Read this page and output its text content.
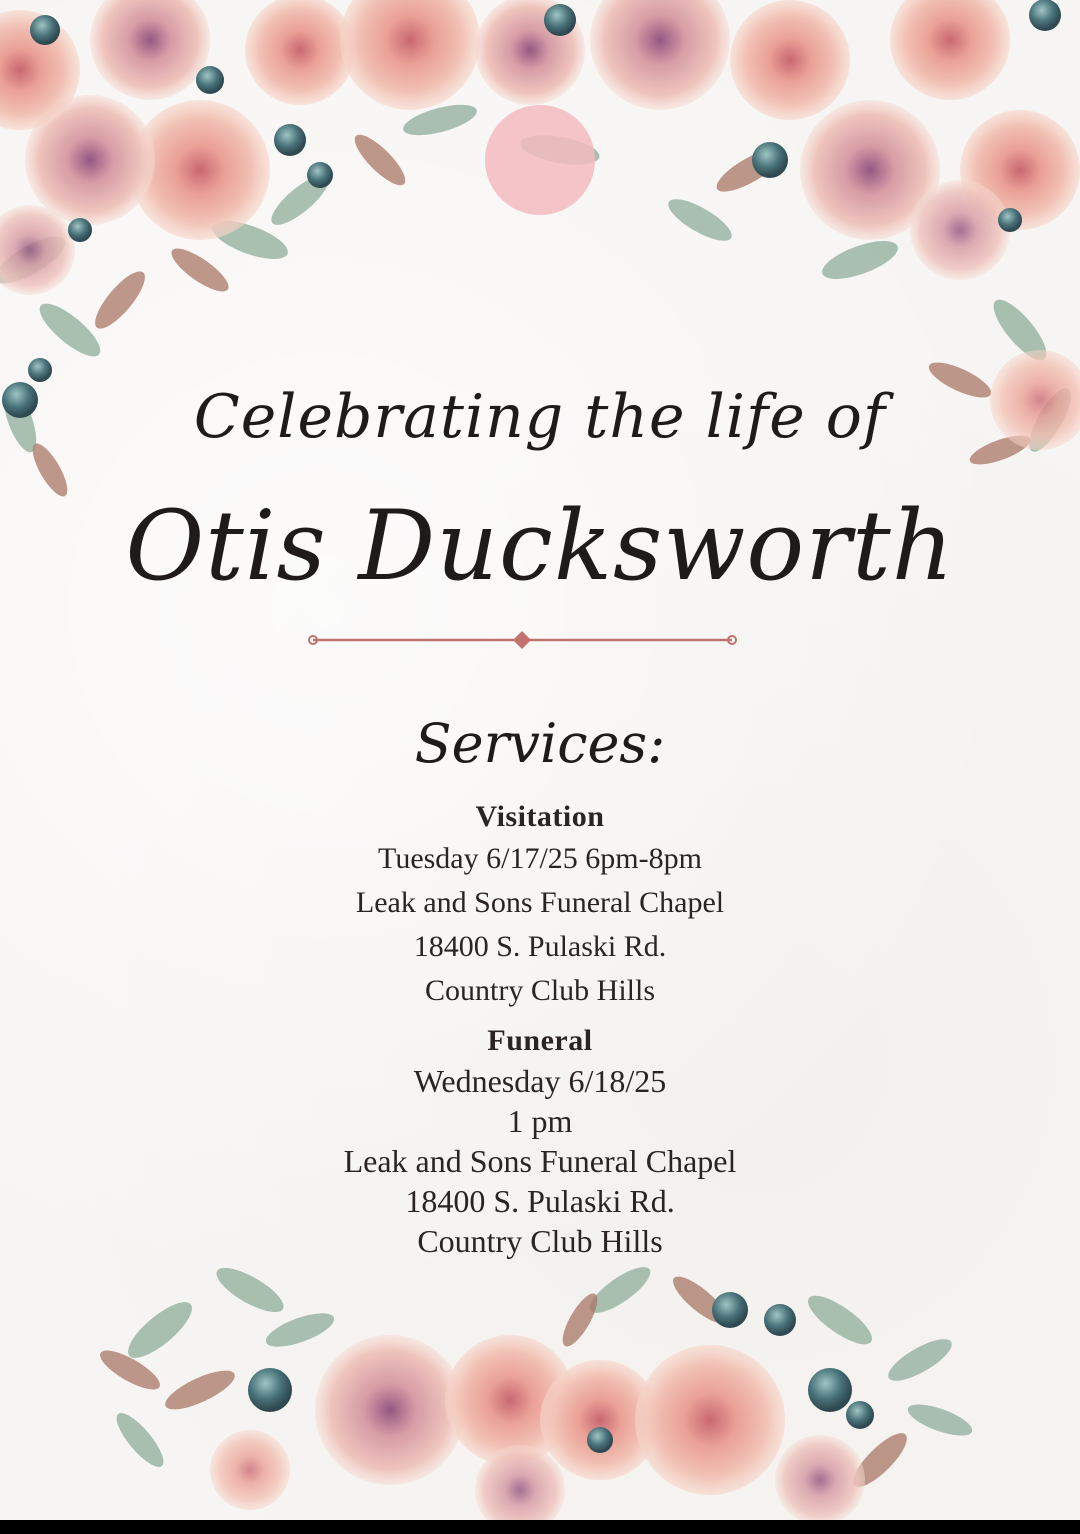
Celebrating the life of
Otis Ducksworth
Services:
Visitation
Tuesday 6/17/25 6pm-8pm
Leak and Sons Funeral Chapel
18400 S. Pulaski Rd.
Country Club Hills
Funeral
Wednesday 6/18/25
1 pm
Leak and Sons Funeral Chapel
18400 S. Pulaski Rd.
Country Club Hills
